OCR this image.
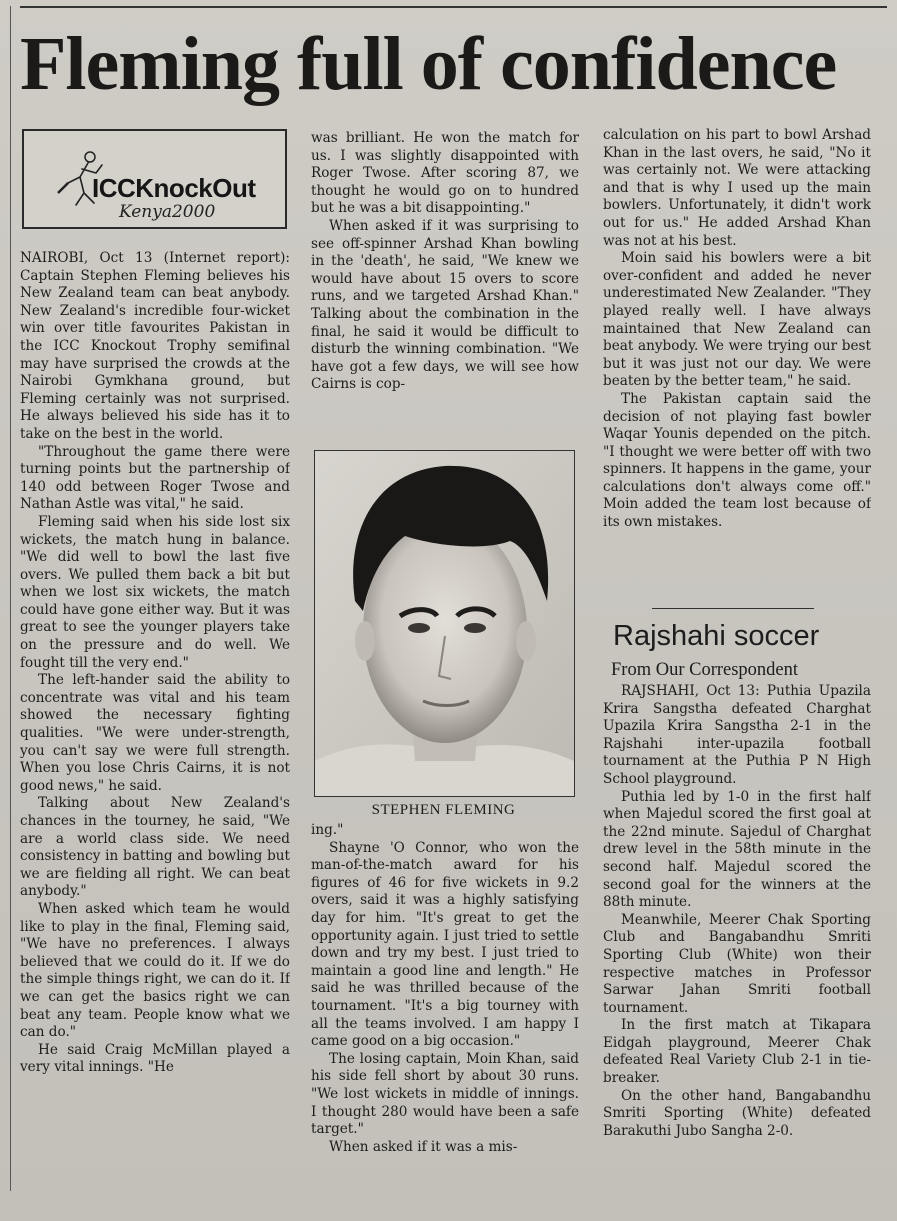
Fleming full of confidence
ICCKnockOut
Kenya2000

NAIROBI, Oct 13 (Internet report): Captain Stephen Fleming believes his New Zealand team can beat anybody. New Zealand's incredible four-wicket win over title favourites Pakistan in the ICC Knockout Trophy semifinal may have surprised the crowds at the Nairobi Gymkhana ground, but Fleming certainly was not surprised. He always believed his side has it to take on the best in the world.

"Throughout the game there were turning points but the partnership of 140 odd between Roger Twose and Nathan Astle was vital," he said.

Fleming said when his side lost six wickets, the match hung in balance. "We did well to bowl the last five overs. We pulled them back a bit but when we lost six wickets, the match could have gone either way. But it was great to see the younger players take on the pressure and do well. We fought till the very end."

The left-hander said the ability to concentrate was vital and his team showed the necessary fighting qualities. "We were under-strength, you can't say we were full strength. When you lose Chris Cairns, it is not good news," he said.

Talking about New Zealand's chances in the tourney, he said, "We are a world class side. We need consistency in batting and bowling but we are fielding all right. We can beat anybody."

When asked which team he would like to play in the final, Fleming said, "We have no preferences. I always believed that we could do it. If we do the simple things right, we can do it. If we can get the basics right we can beat any team. People know what we can do."

He said Craig McMillan played a very vital innings. "He

was brilliant. He won the match for us. I was slightly disappointed with Roger Twose. After scoring 87, we thought he would go on to hundred but he was a bit disappointing."

When asked if it was surprising to see off-spinner Arshad Khan bowling in the 'death', he said, "We knew we would have about 15 overs to score runs, and we targeted Arshad Khan." Talking about the combination in the final, he said it would be difficult to disturb the winning combination. "We have got a few days, we will see how Cairns is cop-

STEPHEN FLEMING

ing."

Shayne 'O Connor, who won the man-of-the-match award for his figures of 46 for five wickets in 9.2 overs, said it was a highly satisfying day for him. "It's great to get the opportunity again. I just tried to settle down and try my best. I just tried to maintain a good line and length." He said he was thrilled because of the tournament. "It's a big tourney with all the teams involved. I am happy I came good on a big occasion."

The losing captain, Moin Khan, said his side fell short by about 30 runs. "We lost wickets in middle of innings. I thought 280 would have been a safe target."

When asked if it was a mis-

calculation on his part to bowl Arshad Khan in the last overs, he said, "No it was certainly not. We were attacking and that is why I used up the main bowlers. Unfortunately, it didn't work out for us." He added Arshad Khan was not at his best.

Moin said his bowlers were a bit over-confident and added he never underestimated New Zealander. "They played really well. I have always maintained that New Zealand can beat anybody. We were trying our best but it was just not our day. We were beaten by the better team," he said.

The Pakistan captain said the decision of not playing fast bowler Waqar Younis depended on the pitch. "I thought we were better off with two spinners. It happens in the game, your calculations don't always come off." Moin added the team lost because of its own mistakes.

Rajshahi soccer
From Our Correspondent

RAJSHAHI, Oct 13: Puthia Upazila Krira Sangstha defeated Charghat Upazila Krira Sangstha 2-1 in the Rajshahi inter-upazila football tournament at the Puthia P N High School playground.

Puthia led by 1-0 in the first half when Majedul scored the first goal at the 22nd minute. Sajedul of Charghat drew level in the 58th minute in the second half. Majedul scored the second goal for the winners at the 88th minute.

Meanwhile, Meerer Chak Sporting Club and Bangabandhu Smriti Sporting Club (White) won their respective matches in Professor Sarwar Jahan Smriti football tournament.

In the first match at Tikapara Eidgah playground, Meerer Chak defeated Real Variety Club 2-1 in tie-breaker.

On the other hand, Bangabandhu Smriti Sporting (White) defeated Barakuthi Jubo Sangha 2-0.
